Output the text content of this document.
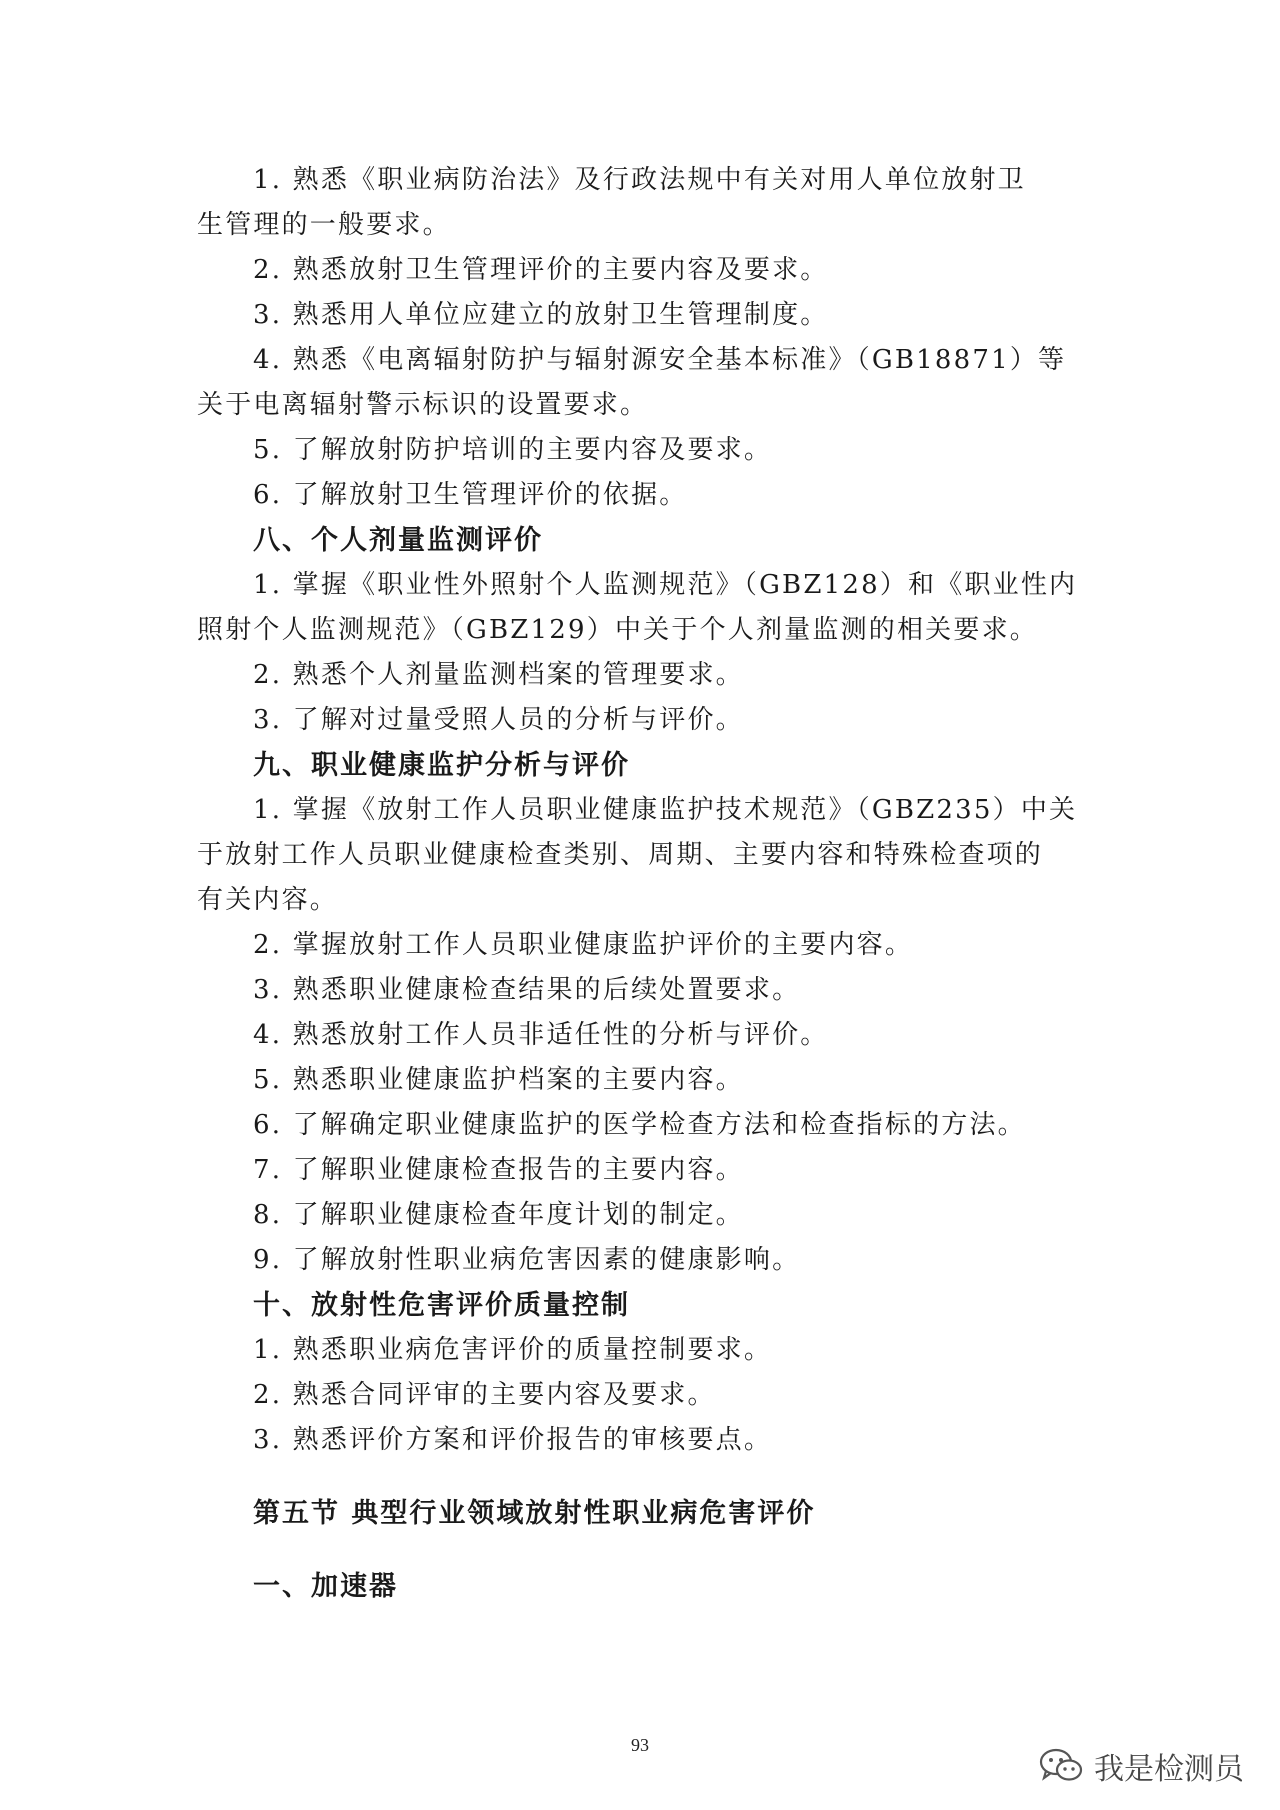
1. 熟悉《职业病防治法》及行政法规中有关对用人单位放射卫
生管理的一般要求。
2. 熟悉放射卫生管理评价的主要内容及要求。
3. 熟悉用人单位应建立的放射卫生管理制度。
4. 熟悉《电离辐射防护与辐射源安全基本标准》（GB18871）等
关于电离辐射警示标识的设置要求。
5. 了解放射防护培训的主要内容及要求。
6. 了解放射卫生管理评价的依据。
八、个人剂量监测评价
1. 掌握《职业性外照射个人监测规范》（GBZ128）和《职业性内
照射个人监测规范》（GBZ129）中关于个人剂量监测的相关要求。
2. 熟悉个人剂量监测档案的管理要求。
3. 了解对过量受照人员的分析与评价。
九、职业健康监护分析与评价
1. 掌握《放射工作人员职业健康监护技术规范》（GBZ235）中关
于放射工作人员职业健康检查类别、周期、主要内容和特殊检查项的
有关内容。
2. 掌握放射工作人员职业健康监护评价的主要内容。
3. 熟悉职业健康检查结果的后续处置要求。
4. 熟悉放射工作人员非适任性的分析与评价。
5. 熟悉职业健康监护档案的主要内容。
6. 了解确定职业健康监护的医学检查方法和检查指标的方法。
7. 了解职业健康检查报告的主要内容。
8. 了解职业健康检查年度计划的制定。
9. 了解放射性职业病危害因素的健康影响。
十、放射性危害评价质量控制
1. 熟悉职业病危害评价的质量控制要求。
2. 熟悉合同评审的主要内容及要求。
3. 熟悉评价方案和评价报告的审核要点。
第五节 典型行业领域放射性职业病危害评价
一、加速器
93
我是检测员
